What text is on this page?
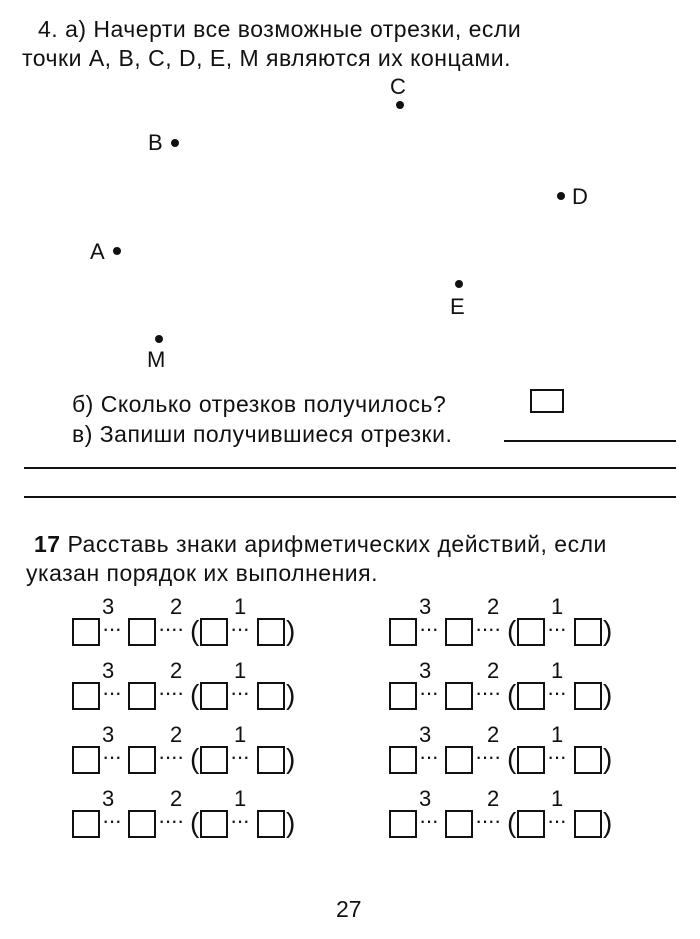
4. а) Начерти все возможные отрезки, если
точки A, B, C, D, E, M являются их концами.
C
B
D
A
E
M
б) Сколько отрезков получилось?
в) Запиши получившиеся отрезки.
17 Расставь знаки арифметических действий, если
указан порядок их выполнения.
3	2 1
··· ···· ( ··· )
3	2 1
··· ···· ( ··· )
3	2 1
··· ···· ( ··· )
3	2 1
··· ···· ( ··· )
3	2 1
··· ···· ( ··· )
3	2 1
··· ···· ( ··· )
3	2 1
··· ···· ( ··· )
3	2 1
··· ···· ( ··· )
27
